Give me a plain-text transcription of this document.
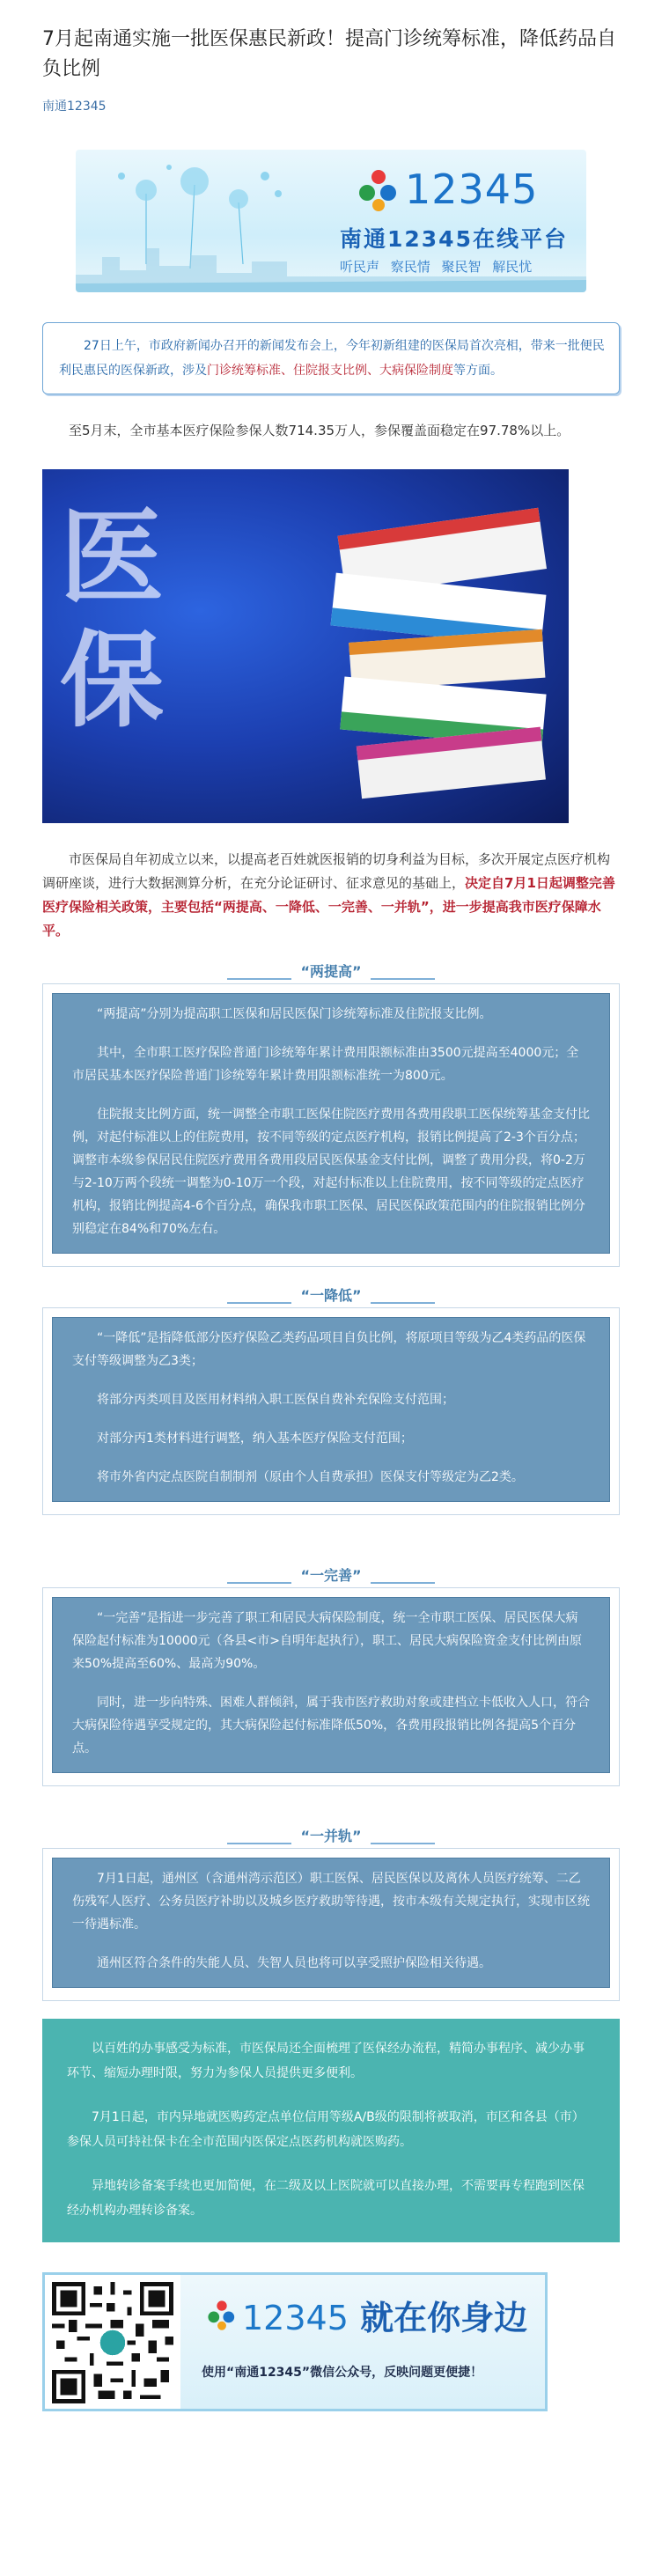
7月起南通实施一批医保惠民新政！提高门诊统筹标准，降低药品自负比例
南通12345
12345
南通12345在线平台
听民声 察民情 聚民智 解民忧
27日上午，市政府新闻办召开的新闻发布会上，今年初新组建的医保局首次亮相，带来一批便民利民惠民的医保新政，涉及门诊统筹标准、住院报支比例、大病保险制度等方面。

至5月末，全市基本医疗保险参保人数714.35万人，参保覆盖面稳定在97.78%以上。

医
保

市医保局自年初成立以来，以提高老百姓就医报销的切身利益为目标，多次开展定点医疗机构调研座谈，进行大数据测算分析，在充分论证研讨、征求意见的基础上，决定自7月1日起调整完善医疗保险相关政策，主要包括“两提高、一降低、一完善、一并轨”，进一步提高我市医疗保障水平。

“两提高”

“两提高”分别为提高职工医保和居民医保门诊统筹标准及住院报支比例。

其中，全市职工医疗保险普通门诊统筹年累计费用限额标准由3500元提高至4000元；全市居民基本医疗保险普通门诊统筹年累计费用限额标准统一为800元。

住院报支比例方面，统一调整全市职工医保住院医疗费用各费用段职工医保统筹基金支付比例，对起付标准以上的住院费用，按不同等级的定点医疗机构，报销比例提高了2-3个百分点；调整市本级参保居民住院医疗费用各费用段居民医保基金支付比例，调整了费用分段，将0-2万与2-10万两个段统一调整为0-10万一个段，对起付标准以上住院费用，按不同等级的定点医疗机构，报销比例提高4-6个百分点，确保我市职工医保、居民医保政策范围内的住院报销比例分别稳定在84%和70%左右。

“一降低”

“一降低”是指降低部分医疗保险乙类药品项目自负比例，将原项目等级为乙4类药品的医保支付等级调整为乙3类；

将部分丙类项目及医用材料纳入职工医保自费补充保险支付范围；

对部分丙1类材料进行调整，纳入基本医疗保险支付范围；

将市外省内定点医院自制制剂（原由个人自费承担）医保支付等级定为乙2类。

“一完善”

“一完善”是指进一步完善了职工和居民大病保险制度，统一全市职工医保、居民医保大病保险起付标准为10000元（各县<市>自明年起执行），职工、居民大病保险资金支付比例由原来50%提高至60%、最高为90%。

同时，进一步向特殊、困难人群倾斜，属于我市医疗救助对象或建档立卡低收入人口，符合大病保险待遇享受规定的，其大病保险起付标准降低50%，各费用段报销比例各提高5个百分点。

“一并轨”

7月1日起，通州区（含通州湾示范区）职工医保、居民医保以及离休人员医疗统筹、二乙伤残军人医疗、公务员医疗补助以及城乡医疗救助等待遇，按市本级有关规定执行，实现市区统一待遇标准。

通州区符合条件的失能人员、失智人员也将可以享受照护保险相关待遇。

以百姓的办事感受为标准，市医保局还全面梳理了医保经办流程，精简办事程序、减少办事环节、缩短办理时限，努力为参保人员提供更多便利。

7月1日起，市内异地就医购药定点单位信用等级A/B级的限制将被取消，市区和各县（市）参保人员可持社保卡在全市范围内医保定点医药机构就医购药。

异地转诊备案手续也更加简便，在二级及以上医院就可以直接办理，不需要再专程跑到医保经办机构办理转诊备案。

12345 就在你身边
使用“南通12345”微信公众号，反映问题更便捷！
